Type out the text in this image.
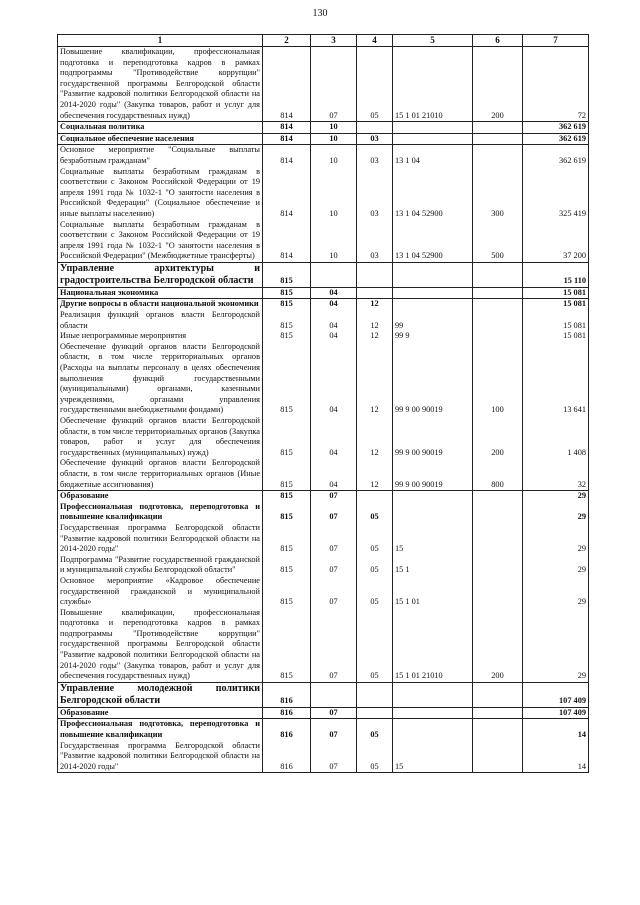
130
1	2	3	4	5	6	7
Повышение квалификации, профессиональная подготовка и переподготовка кадров в рамках подпрограммы "Противодействие коррупции" государственной программы Белгородской области "Развитие кадровой политики Белгородской области на 2014-2020 годы" (Закупка товаров, работ и услуг для обеспечения государственных нужд)	814	07	05	15 1 01 21010	200	72
Социальная политика	814	10				362 619
Социальное обеспечение населения	814	10	03			362 619
Основное мероприятие "Социальные выплаты безработным гражданам"	814	10	03	13 1 04		362 619
Социальные выплаты безработным гражданам в соответствии с Законом Российской Федерации от 19 апреля 1991 года № 1032-1 "О занятости населения в Российской Федерации" (Социальное обеспечение и иные выплаты населению)	814	10	03	13 1 04 52900	300	325 419
Социальные выплаты безработным гражданам в соответствии с Законом Российской Федерации от 19 апреля 1991 года № 1032-1 "О занятости населения в Российской Федерации" (Межбюджетные трансферты)	814	10	03	13 1 04 52900	500	37 200
Управление архитектуры и градостроительства Белгородской области	815					15 110
Национальная экономика	815	04				15 081
Другие вопросы в области национальной экономики	815	04	12			15 081
Реализация функций органов власти Белгородской области	815	04	12	99		15 081
Иные непрограммные мероприятия	815	04	12	99 9		15 081
Обеспечение функций органов власти Белгородской области, в том числе территориальных органов (Расходы на выплаты персоналу в целях обеспечения выполнения функций государственными (муниципальными) органами, казенными учреждениями, органами управления государственными внебюджетными фондами)	815	04	12	99 9 00 90019	100	13 641
Обеспечение функций органов власти Белгородской области, в том числе территориальных органов (Закупка товаров, работ и услуг для обеспечения государственных (муниципальных) нужд)	815	04	12	99 9 00 90019	200	1 408
Обеспечение функций органов власти Белгородской области, в том числе территориальных органов (Иные бюджетные ассигнования)	815	04	12	99 9 00 90019	800	32
Образование	815	07				29
Профессиональная подготовка, переподготовка и повышение квалификации	815	07	05			29
Государственная программа Белгородской области "Развитие кадровой политики Белгородской области на 2014-2020 годы"	815	07	05	15		29
Подпрограмма "Развитие государственной гражданской и муниципальной службы Белгородской области"	815	07	05	15 1		29
Основное мероприятие «Кадровое обеспечение государственной гражданской и муниципальной службы»	815	07	05	15 1 01		29
Повышение квалификации, профессиональная подготовка и переподготовка кадров в рамках подпрограммы "Противодействие коррупции" государственной программы Белгородской области "Развитие кадровой политики Белгородской области на 2014-2020 годы" (Закупка товаров, работ и услуг для обеспечения государственных нужд)	815	07	05	15 1 01 21010	200	29
Управление молодежной политики Белгородской области	816					107 409
Образование	816	07				107 409
Профессиональная подготовка, переподготовка и повышение квалификации	816	07	05			14
Государственная программа Белгородской области "Развитие кадровой политики Белгородской области на 2014-2020 годы"	816	07	05	15		14
